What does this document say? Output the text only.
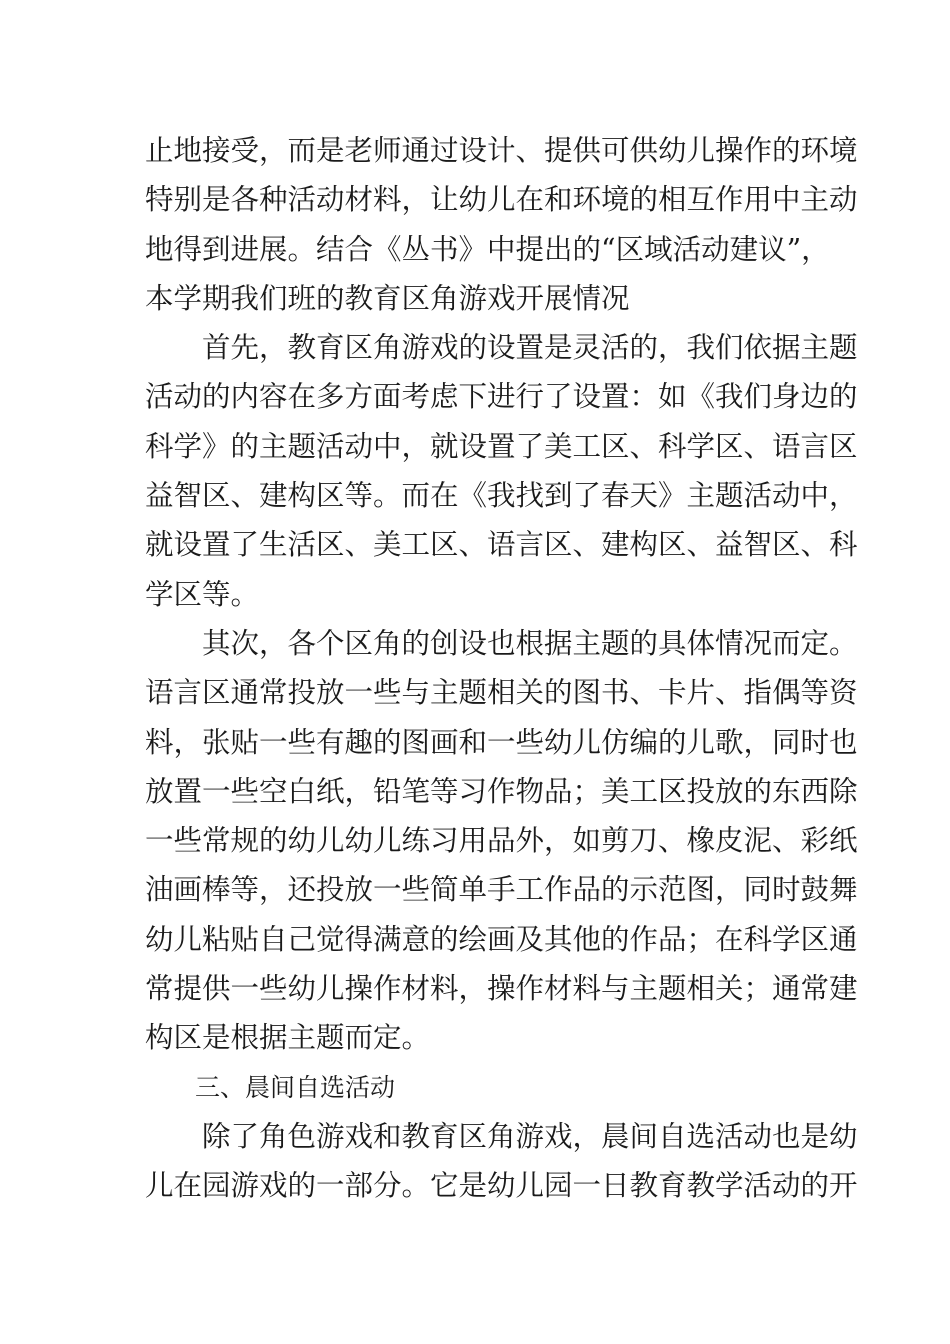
止地接受，而是老师通过设计、提供可供幼儿操作的环境
特别是各种活动材料，让幼儿在和环境的相互作用中主动
地得到进展。结合《丛书》中提出的“区域活动建议”，
本学期我们班的教育区角游戏开展情况
首先，教育区角游戏的设置是灵活的，我们依据主题
活动的内容在多方面考虑下进行了设置：如《我们身边的
科学》的主题活动中，就设置了美工区、科学区、语言区
益智区、建构区等。而在《我找到了春天》主题活动中，
就设置了生活区、美工区、语言区、建构区、益智区、科
学区等。
其次，各个区角的创设也根据主题的具体情况而定。
语言区通常投放一些与主题相关的图书、卡片、指偶等资
料，张贴一些有趣的图画和一些幼儿仿编的儿歌，同时也
放置一些空白纸，铅笔等习作物品；美工区投放的东西除
一些常规的幼儿幼儿练习用品外，如剪刀、橡皮泥、彩纸
油画棒等，还投放一些简单手工作品的示范图，同时鼓舞
幼儿粘贴自己觉得满意的绘画及其他的作品；在科学区通
常提供一些幼儿操作材料，操作材料与主题相关；通常建
构区是根据主题而定。
三、晨间自选活动
除了角色游戏和教育区角游戏，晨间自选活动也是幼
儿在园游戏的一部分。它是幼儿园一日教育教学活动的开
